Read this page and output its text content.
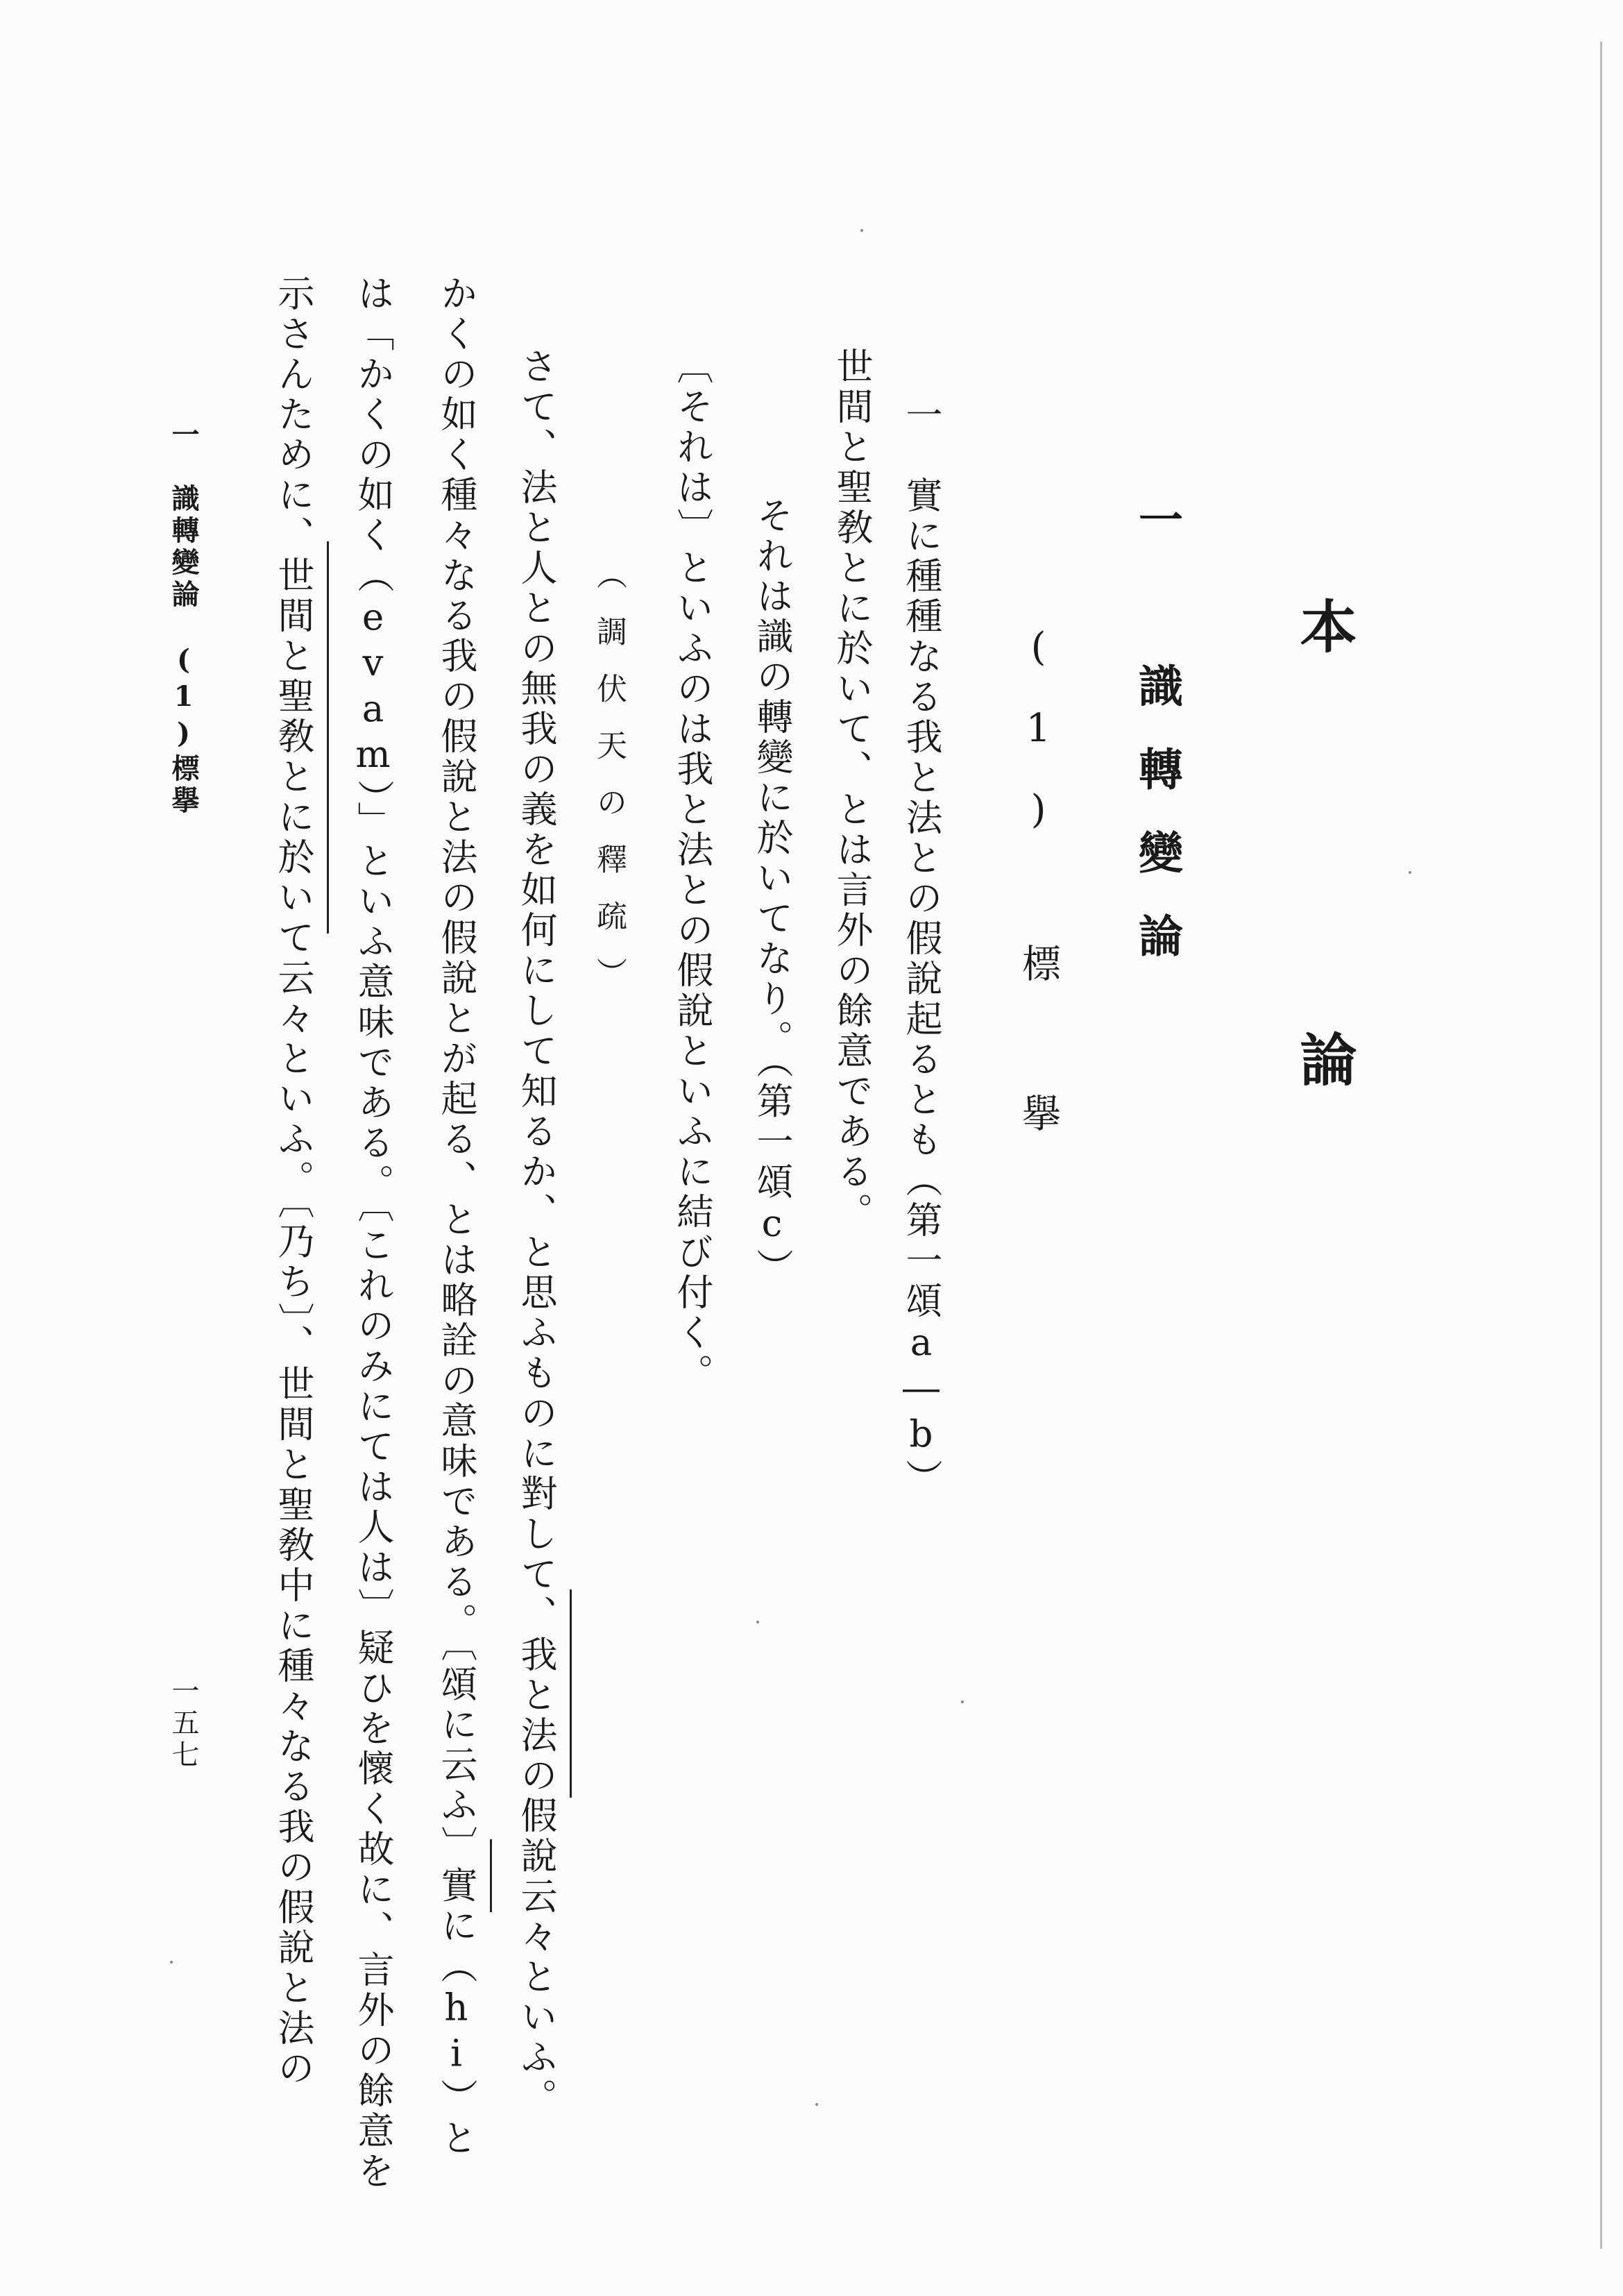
本　論
一　識轉變論
(1)　標　擧
一　實に種種なる我と法との假說起るとも（第一頌a―b）
世間と聖敎とに於いて、とは言外の餘意である。
それは識の轉變に於いてなり。（第一頌c）
〔それは〕といふのは我と法との假說といふに結び付く。
（調伏天の釋疏）
さて、法と人との無我の義を如何にして知るか、と思ふものに對して、我と法の假說云々といふ。
かくの如く種々なる我の假說と法の假說とが起る、とは略詮の意味である。〔頌に云ふ〕實に（hi）と
は「かくの如く（evam）」といふ意味である。〔これのみにては人は〕疑ひを懷く故に、言外の餘意を
示さんために、世間と聖敎とに於いて云々といふ。〔乃ち〕、世間と聖敎中に種々なる我の假說と法の
一　識轉變論　(1)標擧
一五七
